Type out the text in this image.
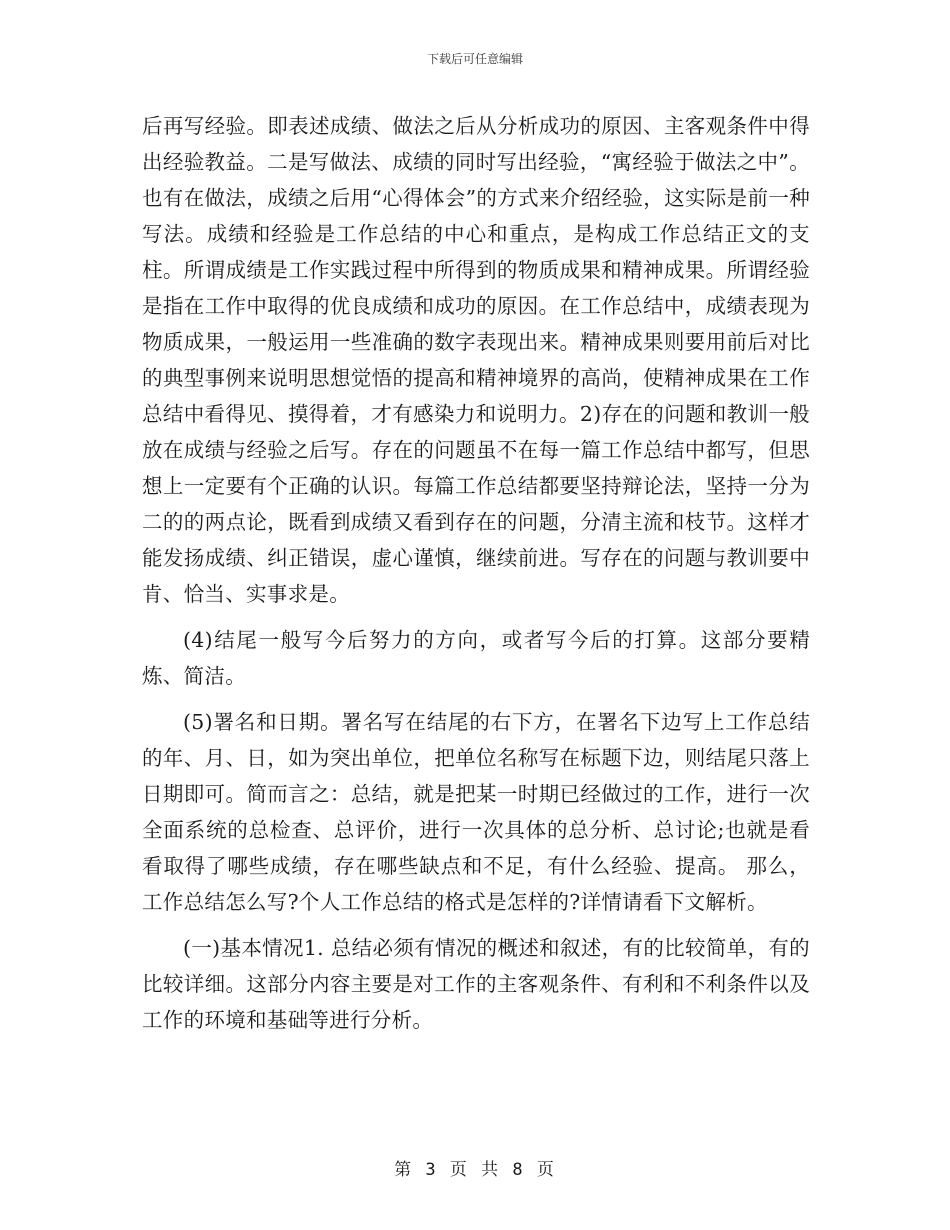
下载后可任意编辑

后再写经验。即表述成绩、做法之后从分析成功的原因、主客观条件中得出经验教益。二是写做法、成绩的同时写出经验，“寓经验于做法之中”。也有在做法，成绩之后用“心得体会”的方式来介绍经验，这实际是前一种写法。成绩和经验是工作总结的中心和重点，是构成工作总结正文的支柱。所谓成绩是工作实践过程中所得到的物质成果和精神成果。所谓经验是指在工作中取得的优良成绩和成功的原因。在工作总结中，成绩表现为物质成果，一般运用一些准确的数字表现出来。精神成果则要用前后对比的典型事例来说明思想觉悟的提高和精神境界的高尚，使精神成果在工作总结中看得见、摸得着，才有感染力和说明力。2)存在的问题和教训一般放在成绩与经验之后写。存在的问题虽不在每一篇工作总结中都写，但思想上一定要有个正确的认识。每篇工作总结都要坚持辩论法，坚持一分为二的的两点论，既看到成绩又看到存在的问题，分清主流和枝节。这样才能发扬成绩、纠正错误，虚心谨慎，继续前进。写存在的问题与教训要中肯、恰当、实事求是。

(4)结尾一般写今后努力的方向，或者写今后的打算。这部分要精炼、简洁。

(5)署名和日期。署名写在结尾的右下方，在署名下边写上工作总结的年、月、日，如为突出单位，把单位名称写在标题下边，则结尾只落上日期即可。简而言之：总结，就是把某一时期已经做过的工作，进行一次全面系统的总检查、总评价，进行一次具体的总分析、总讨论;也就是看看取得了哪些成绩，存在哪些缺点和不足，有什么经验、提高。 那么，工作总结怎么写?个人工作总结的格式是怎样的?详情请看下文解析。

(一)基本情况1. 总结必须有情况的概述和叙述，有的比较简单，有的比较详细。这部分内容主要是对工作的主客观条件、有利和不利条件以及工作的环境和基础等进行分析。

第 3 页 共 8 页
